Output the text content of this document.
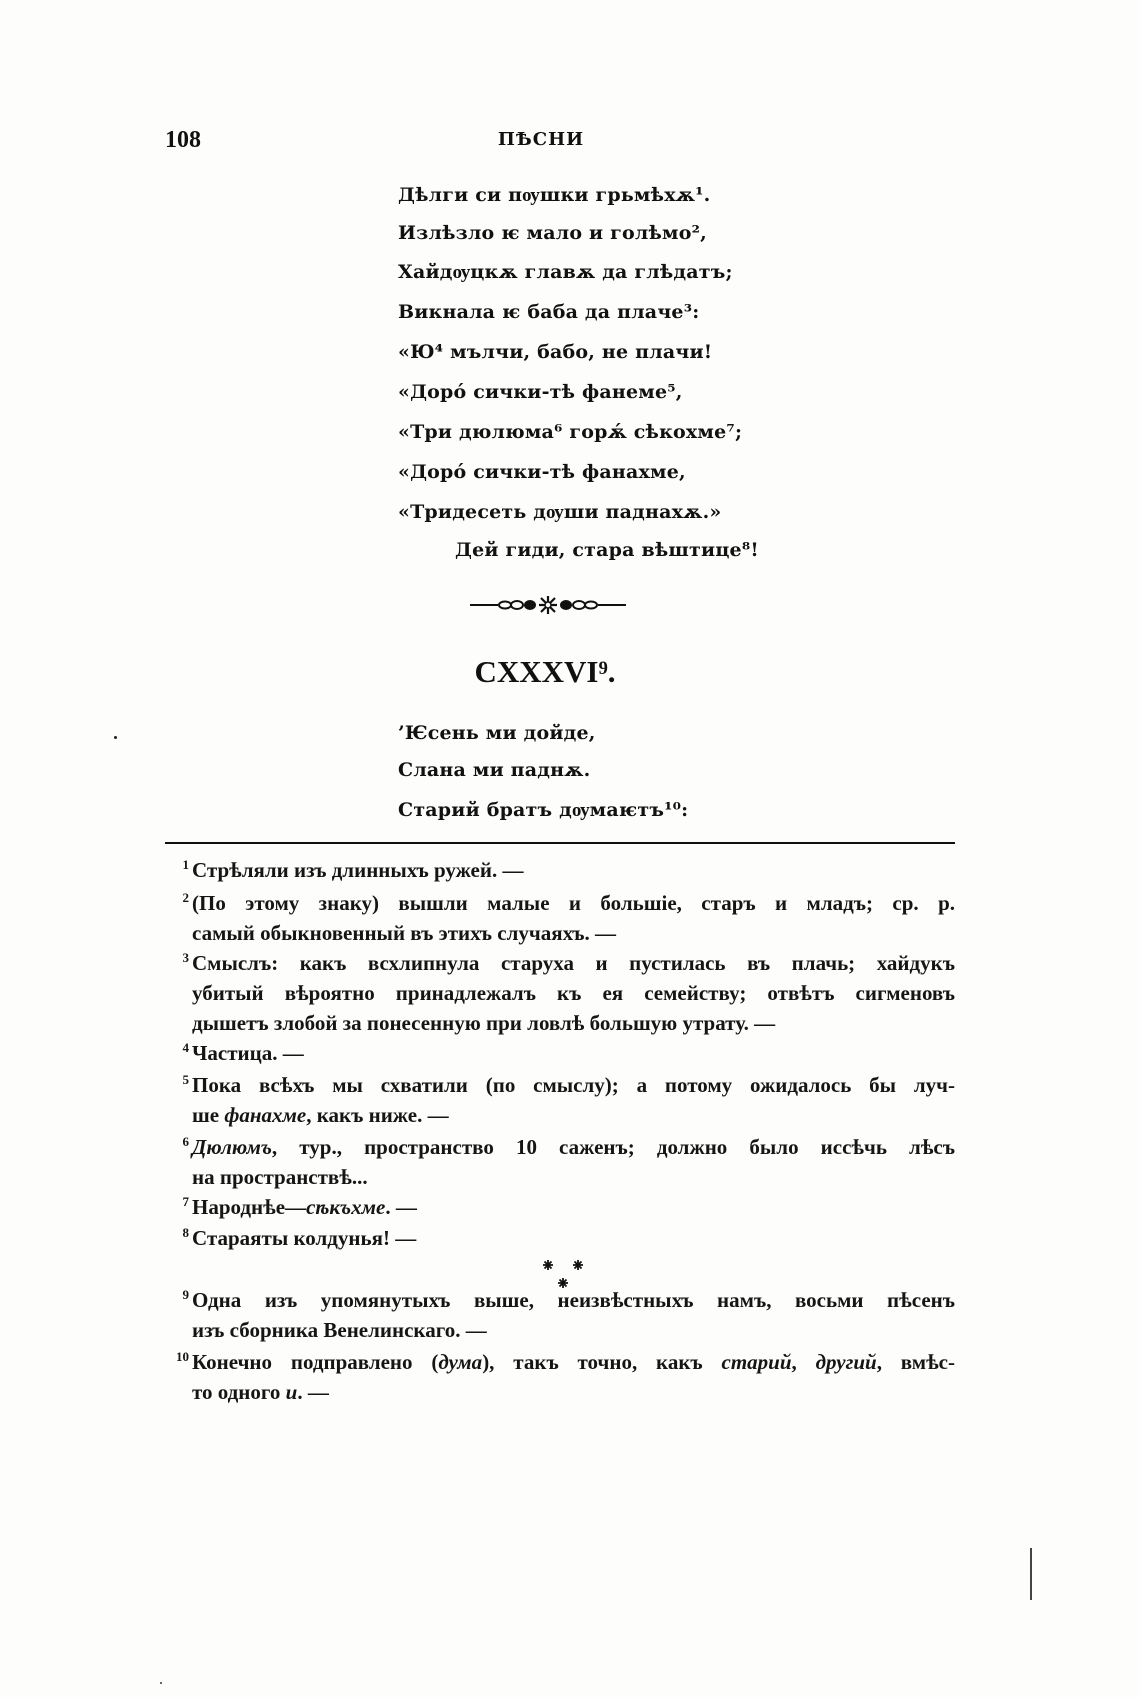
108	ПѢСНИ
Дѣлги си пѹшки грьмѣхѫ¹.
Излѣзло ѥ мало и голѣмо²,
Хайдѹцкѫ главѫ да глѣдатъ;
Викнала ѥ баба да плаче³:
«Ю⁴ мълчи, бабо, не плачи!
«Доро́ сички-тѣ фанеме⁵,
«Три дюлюма⁶ горѫ́ сѣкохме⁷;
«Доро́ сички-тѣ фанахме,
«Тридесеть дѹши паднахѫ.»
Дей гиди, стара вѣштице⁸!
CXXXVI⁹.
’Ѥсень ми дойде,
Слана ми паднѫ.
Старий братъ дѹмаѥтъ¹⁰:
1 Стрѣляли изъ длинныхъ ружей. —
2 (По этому знаку) вышли малые и большіе, старъ и младъ; ср. р.
самый обыкновенный въ этихъ случаяхъ. —
3 Смыслъ: какъ всхлипнула старуха и пустилась въ плачь; хайдукъ
убитый вѣроятно принадлежалъ къ ея семейству; отвѣтъ сигменовъ
дышетъ злобой за понесенную при ловлѣ большую утрату. —
4 Частица. —
5 Пока всѣхъ мы схватили (по смыслу); а потому ожидалось бы луч-
ше фанахме, какъ ниже. —
6 Дюлюмъ, тур., пространство 10 саженъ; должно было иссѣчь лѣсъ
на пространствѣ...
7 Народнѣе—сѣкъхме. —
8 Стараяты колдунья! —
9 Одна изъ упомянутыхъ выше, неизвѣстныхъ намъ, восьми пѣсенъ
изъ сборника Венелинскаго. —
10 Конечно подправлено (дума), такъ точно, какъ старий, другий, вмѣс-
то одного и. —
